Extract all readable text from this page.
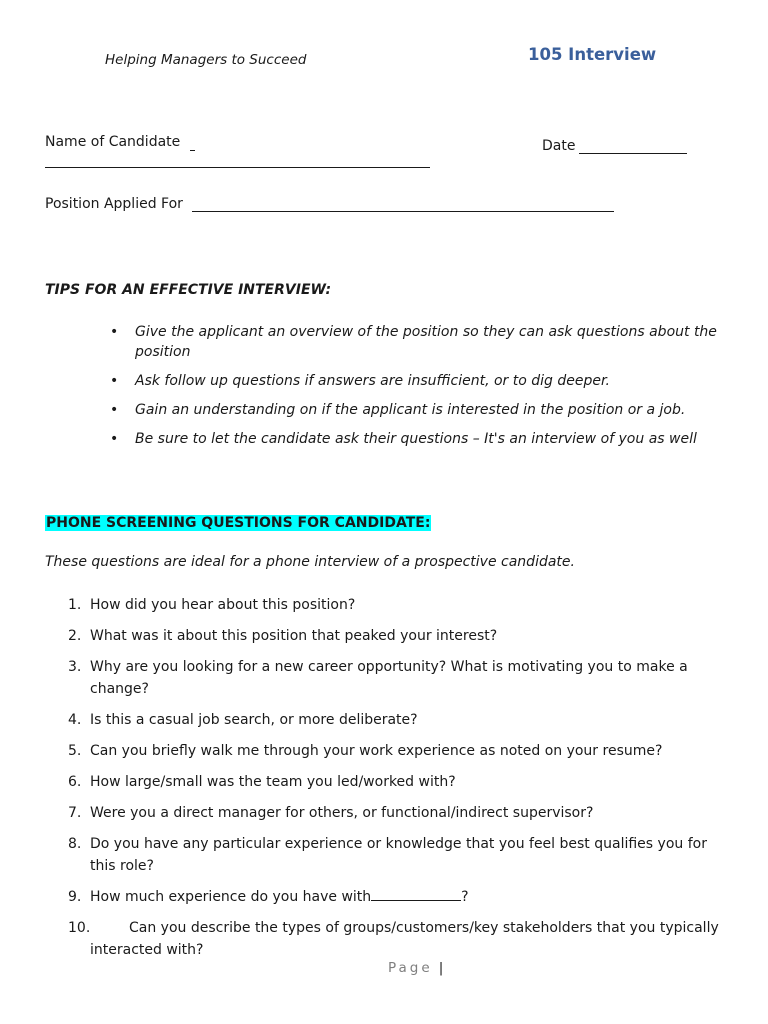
Helping Managers to Succeed	105 Interview
Name of Candidate	Date
Position Applied For
TIPS FOR AN EFFECTIVE INTERVIEW:
• Give the applicant an overview of the position so they can ask questions about the position
• Ask follow up questions if answers are insufficient, or to dig deeper.
• Gain an understanding on if the applicant is interested in the position or a job.
• Be sure to let the candidate ask their questions – It's an interview of you as well
PHONE SCREENING QUESTIONS FOR CANDIDATE:
These questions are ideal for a phone interview of a prospective candidate.
1. How did you hear about this position?
2. What was it about this position that peaked your interest?
3. Why are you looking for a new career opportunity? What is motivating you to make a change?
4. Is this a casual job search, or more deliberate?
5. Can you briefly walk me through your work experience as noted on your resume?
6. How large/small was the team you led/worked with?
7. Were you a direct manager for others, or functional/indirect supervisor?
8. Do you have any particular experience or knowledge that you feel best qualifies you for this role?
9. How much experience do you have with	?
10.	Can you describe the types of groups/customers/key stakeholders that you typically interacted with?
Page |
